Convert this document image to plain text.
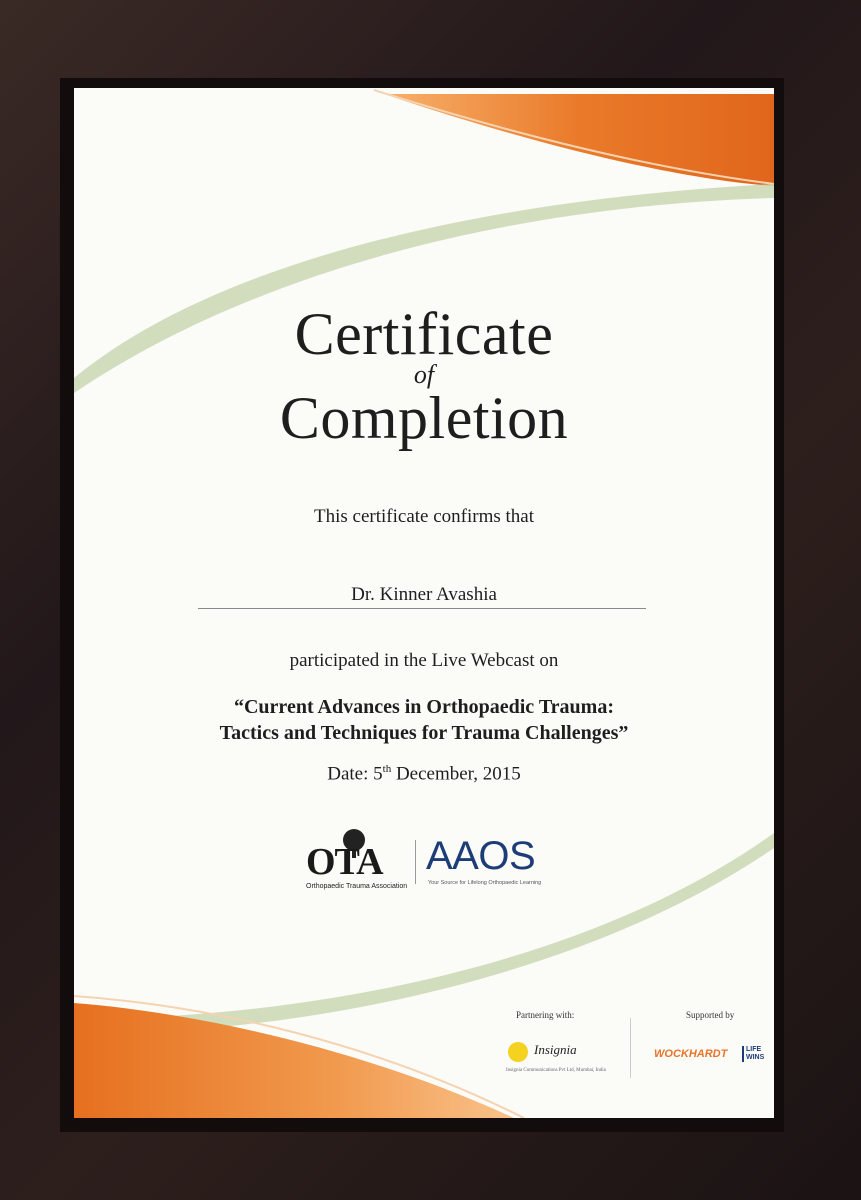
Certificate
of
Completion
This certificate confirms that
Dr. Kinner Avashia
participated in the Live Webcast on
“Current Advances in Orthopaedic Trauma:
Tactics and Techniques for Trauma Challenges”
Date: 5th December, 2015
OTA
Orthopaedic Trauma Association
AAOS
Your Source for Lifelong Orthopaedic Learning
Partnering with:
Insignia
Insignia Communications Pvt Ltd, Mumbai, India
Supported by
WOCKHARDT	LIFE
WINS
